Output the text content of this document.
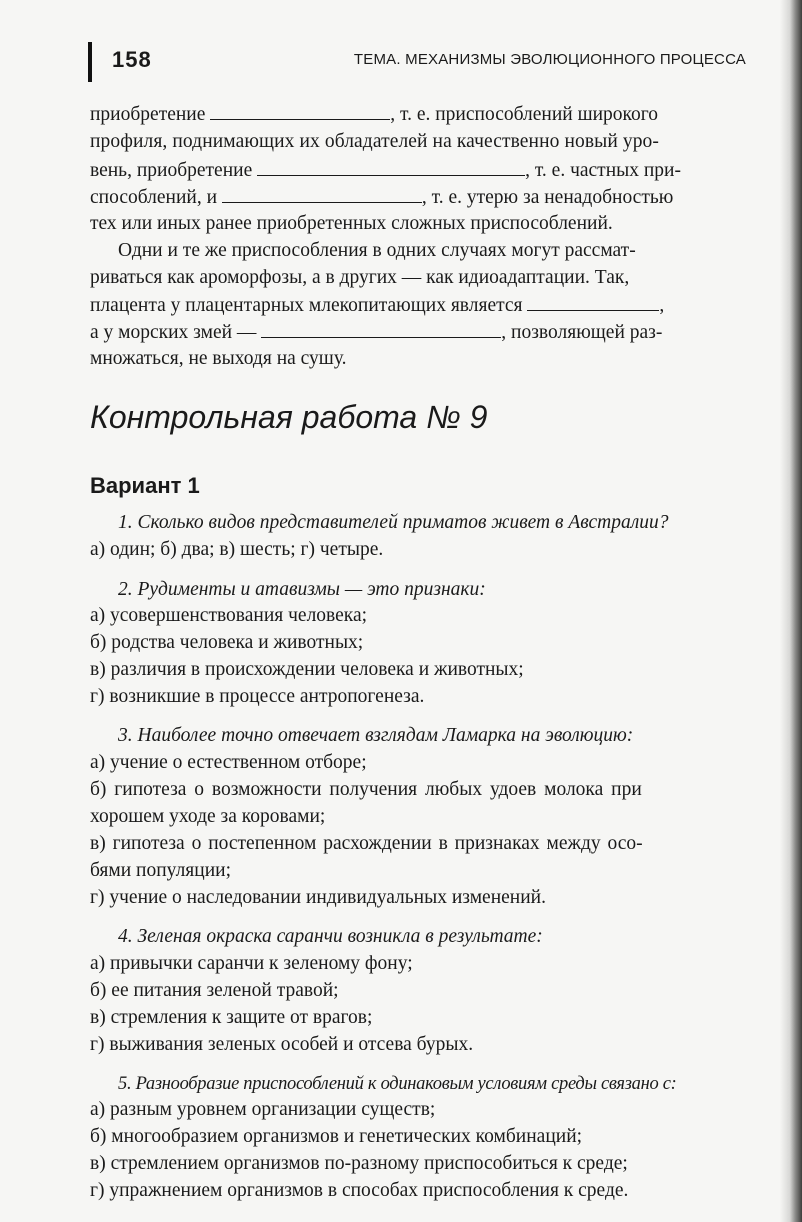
158	ТЕМА. МЕХАНИЗМЫ ЭВОЛЮЦИОННОГО ПРОЦЕССА
приобретение	, т. е. приспособлений широкого
профиля, поднимающих их обладателей на качественно новый уро-
вень, приобретение	, т. е. частных при-
способлений, и	, т. е. утерю за ненадобностью
тех или иных ранее приобретенных сложных приспособлений.
Одни и те же приспособления в одних случаях могут рассмат-
риваться как ароморфозы, а в других — как идиоадаптации. Так,
плацента у плацентарных млекопитающих является	,
а у морских змей —	, позволяющей раз-
множаться, не выходя на сушу.
Контрольная работа № 9
Вариант 1
1. Сколько видов представителей приматов живет в Австралии?
а) один; б) два; в) шесть; г) четыре.
2. Рудименты и атавизмы — это признаки:
а) усовершенствования человека;
б) родства человека и животных;
в) различия в происхождении человека и животных;
г) возникшие в процессе антропогенеза.
3. Наиболее точно отвечает взглядам Ламарка на эволюцию:
а) учение о естественном отборе;
б) гипотеза о возможности получения любых удоев молока при
хорошем уходе за коровами;
в) гипотеза о постепенном расхождении в признаках между осо-
бями популяции;
г) учение о наследовании индивидуальных изменений.
4. Зеленая окраска саранчи возникла в результате:
а) привычки саранчи к зеленому фону;
б) ее питания зеленой травой;
в) стремления к защите от врагов;
г) выживания зеленых особей и отсева бурых.
5. Разнообразие приспособлений к одинаковым условиям среды связано с:
а) разным уровнем организации существ;
б) многообразием организмов и генетических комбинаций;
в) стремлением организмов по-разному приспособиться к среде;
г) упражнением организмов в способах приспособления к среде.
